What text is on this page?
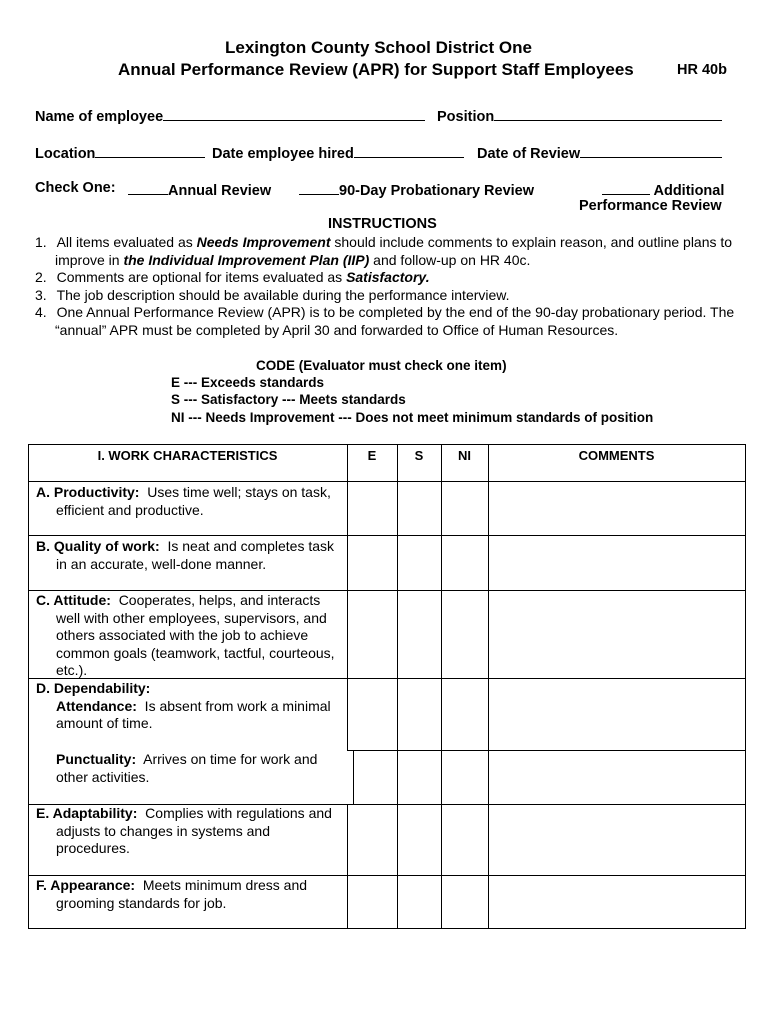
Lexington County School District One
Annual Performance Review (APR) for Support Staff Employees	HR 40b
Name of employee	Position
Location	Date employee hired	Date of Review
Check One:	Annual Review	90-Day Probationary Review	Additional
Performance Review
INSTRUCTIONS
1. All items evaluated as Needs Improvement should include comments to explain reason, and outline plans to
improve in the Individual Improvement Plan (IIP) and follow-up on HR 40c.
2. Comments are optional for items evaluated as Satisfactory.
3. The job description should be available during the performance interview.
4. One Annual Performance Review (APR) is to be completed by the end of the 90-day probationary period. The
“annual” APR must be completed by April 30 and forwarded to Office of Human Resources.
CODE (Evaluator must check one item)
E --- Exceeds standards
S --- Satisfactory --- Meets standards
NI --- Needs Improvement --- Does not meet minimum standards of position
I. WORK CHARACTERISTICS	E	S	NI	COMMENTS
A. Productivity:  Uses time well; stays on task,
efficient and productive.
B. Quality of work:  Is neat and completes task
in an accurate, well-done manner.
C. Attitude:  Cooperates, helps, and interacts
well with other employees, supervisors, and
others associated with the job to achieve
common goals (teamwork, tactful, courteous,
etc.).
D. Dependability:
Attendance:  Is absent from work a minimal
amount of time.
Punctuality:  Arrives on time for work and
other activities.
E. Adaptability:  Complies with regulations and
adjusts to changes in systems and
procedures.
F. Appearance:  Meets minimum dress and
grooming standards for job.
